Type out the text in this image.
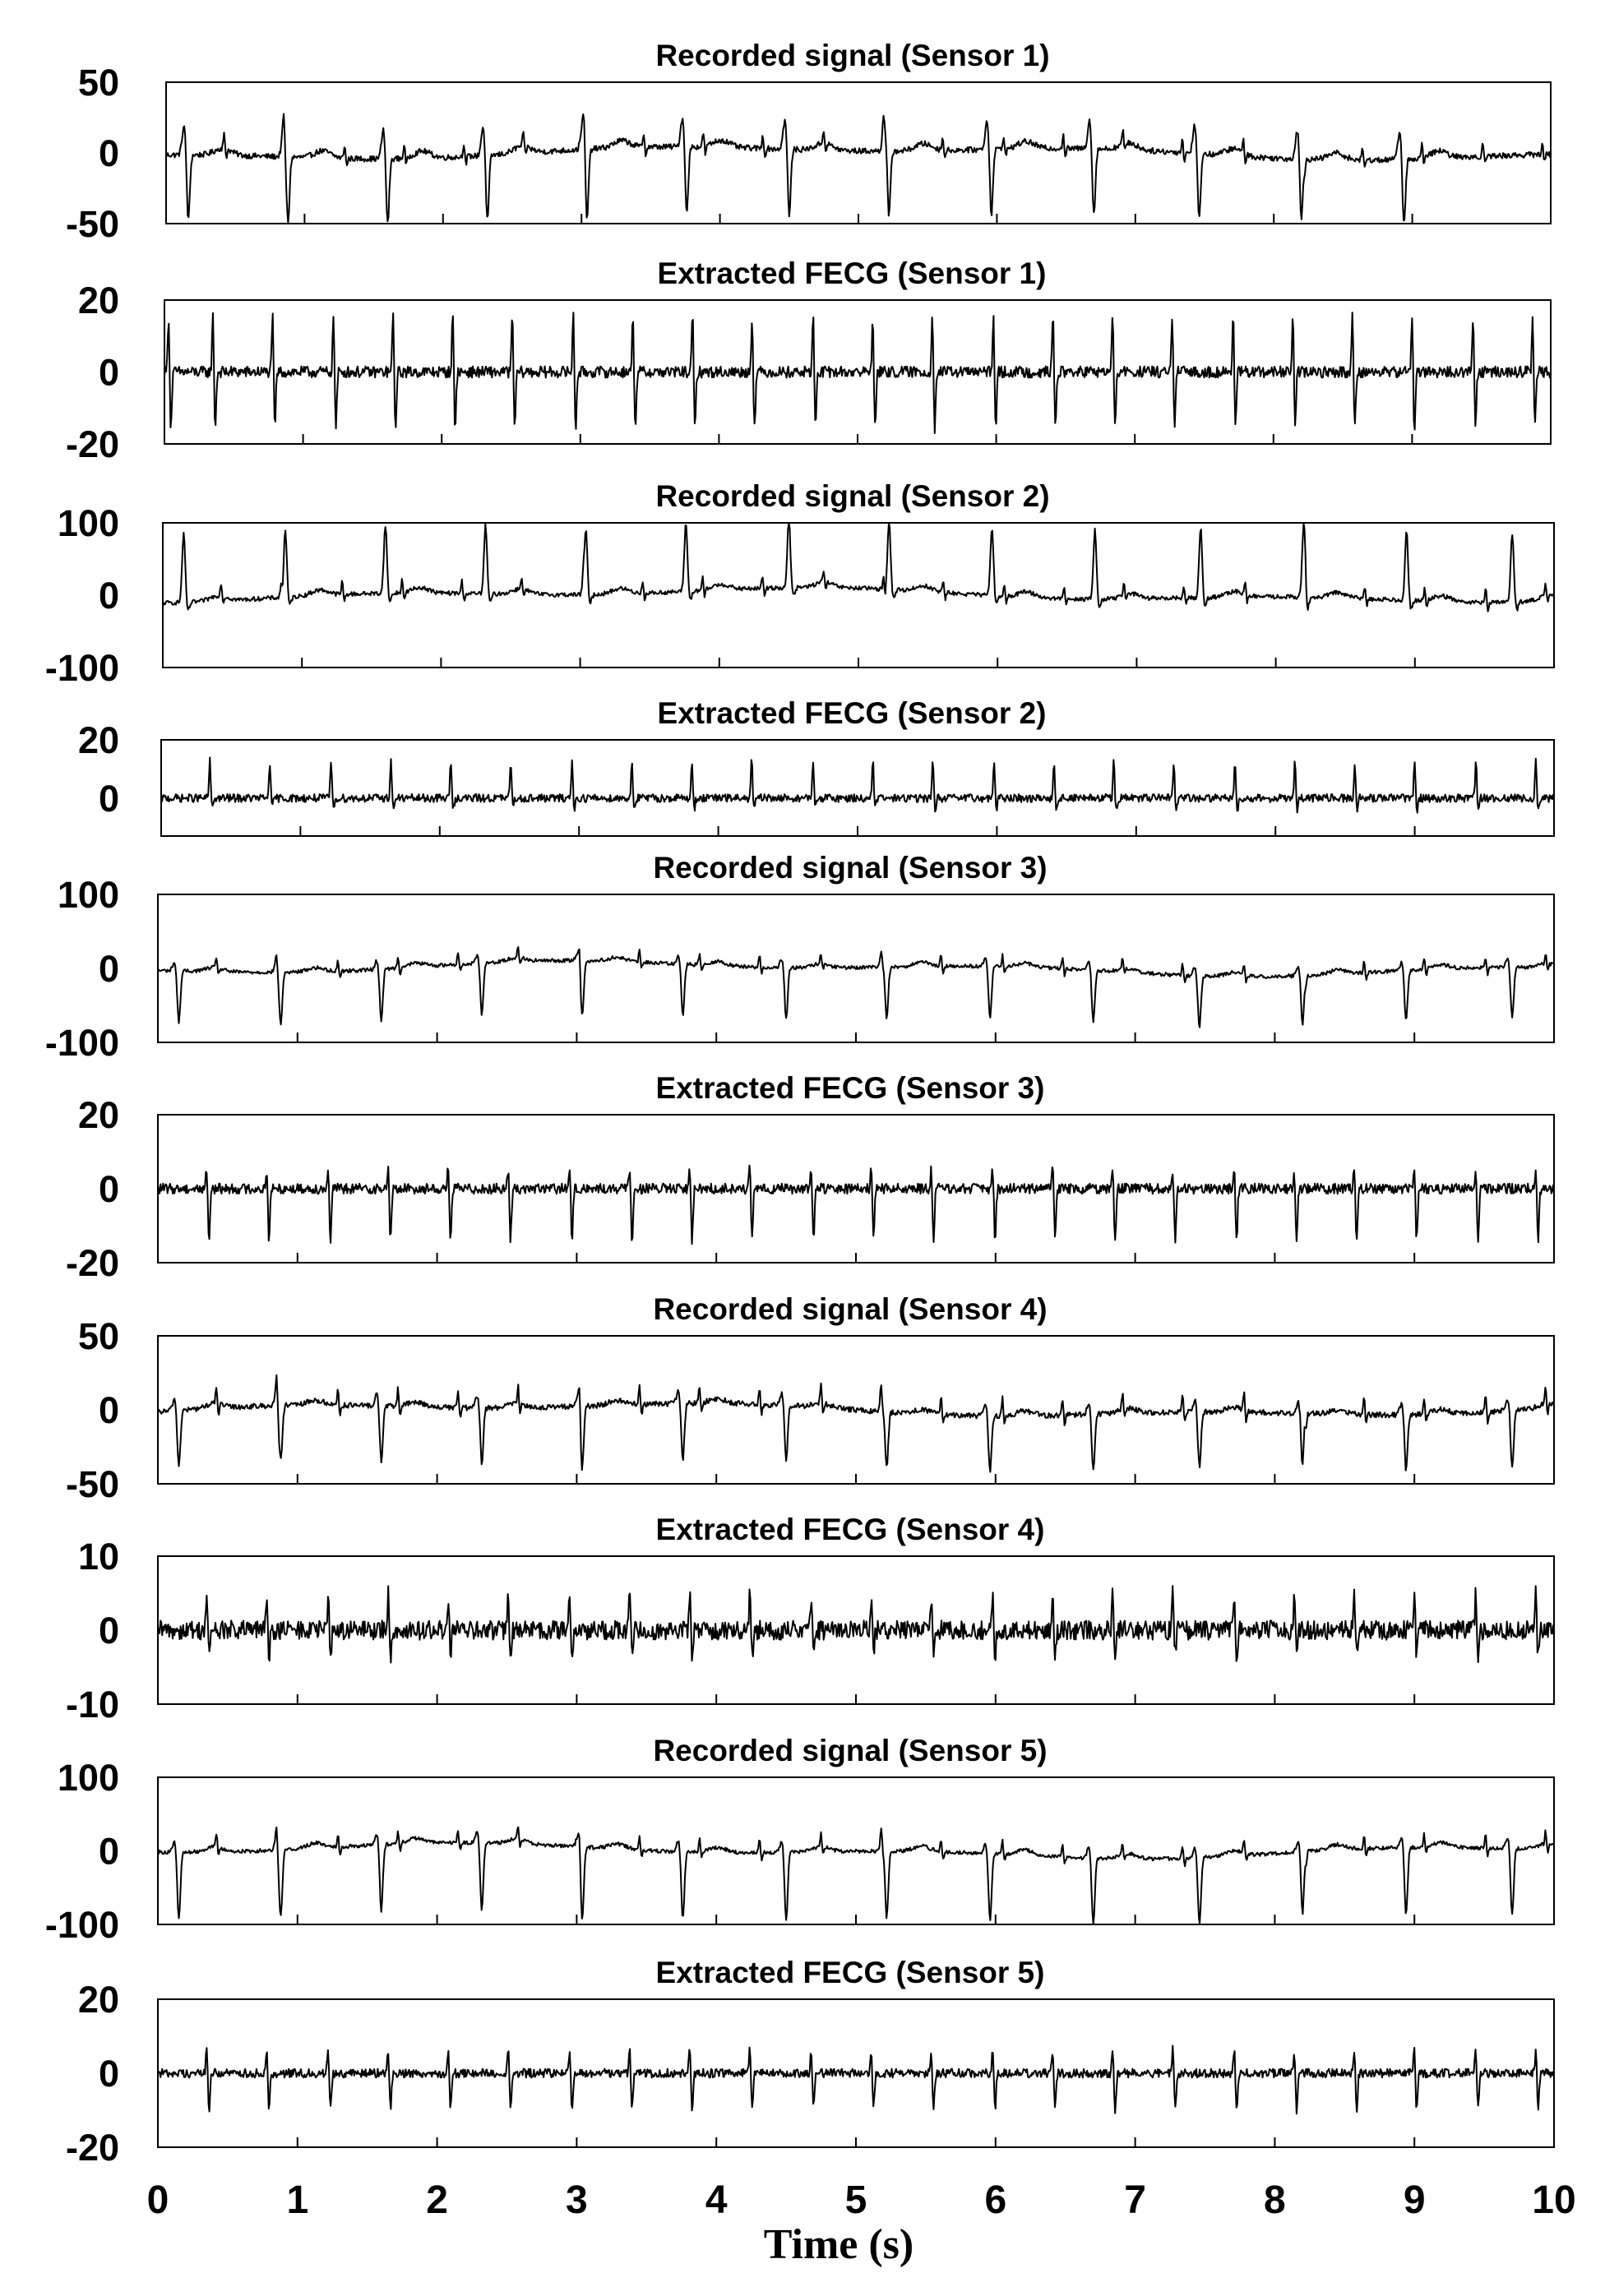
Recorded signal (Sensor 1)
50
0
-50
Extracted FECG (Sensor 1)
20
0
-20
Recorded signal (Sensor 2)
100
0
-100
Extracted FECG (Sensor 2)
20
0
Recorded signal (Sensor 3)
100
0
-100
Extracted FECG (Sensor 3)
20
0
-20
Recorded signal (Sensor 4)
50
0
-50
Extracted FECG (Sensor 4)
10
0
-10
Recorded signal (Sensor 5)
100
0
-100
Extracted FECG (Sensor 5)
20
0
-20
0	1	2	3	4	5	6	7	8	9	10
Time (s)
